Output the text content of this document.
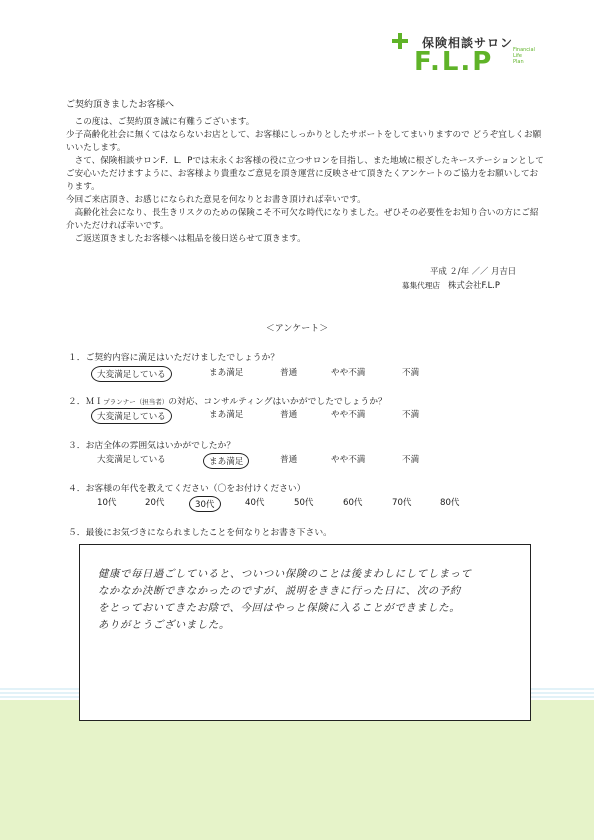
保険相談サロン
F.L.P	Financial
Life
Plan
ご契約頂きましたお客様へ

　この度は、ご契約頂き誠に有難うございます。

少子高齢化社会に無くてはならないお店として、お客様にしっかりとしたサポートをしてまいりますので どうぞ宜しくお願いいたします。

　さて、保険相談サロンF．L．Pでは末永くお客様の役に立つサロンを目指し、また地域に根ざしたキーステーションとしてご安心いただけますように、お客様より貴重なご意見を頂き運営に反映させて頂きたくアンケートのご協力をお願いしております。

今回ご来店頂き、お感じになられた意見を何なりとお書き頂ければ幸いです。

　高齢化社会になり、長生きリスクのための保険こそ不可欠な時代になりました。ぜひその必要性をお知り合いの方にご紹介いただければ幸いです。

　ご返送頂きましたお客様へは粗品を後日送らせて頂きます。

平成 ２/年 ／／ 月吉日
募集代理店 株式会社F.L.P
＜アンケート＞
１．ご契約内容に満足はいただけましたでしょうか？
大変満足している	まあ満足	普通	やや不満	不満
２．ＭＩプランナー（担当者）の対応、コンサルティングはいかがでしたでしょうか？
大変満足している	まあ満足	普通	やや不満	不満
３．お店全体の雰囲気はいかがでしたか？
大変満足している	まあ満足	普通	やや不満	不満
４．お客様の年代を教えてください（〇をお付けください）
10代	20代	30代	40代	50代	60代	70代	80代
５．最後にお気づきになられましたことを何なりとお書き下さい。
健康で毎日過ごしていると、ついつい保険のことは後まわしにしてしまって
なかなか決断できなかったのですが、説明をききに行った日に、次の予約
をとっておいてきたお陰で、今回はやっと保険に入ることができました。
ありがとうございました。
